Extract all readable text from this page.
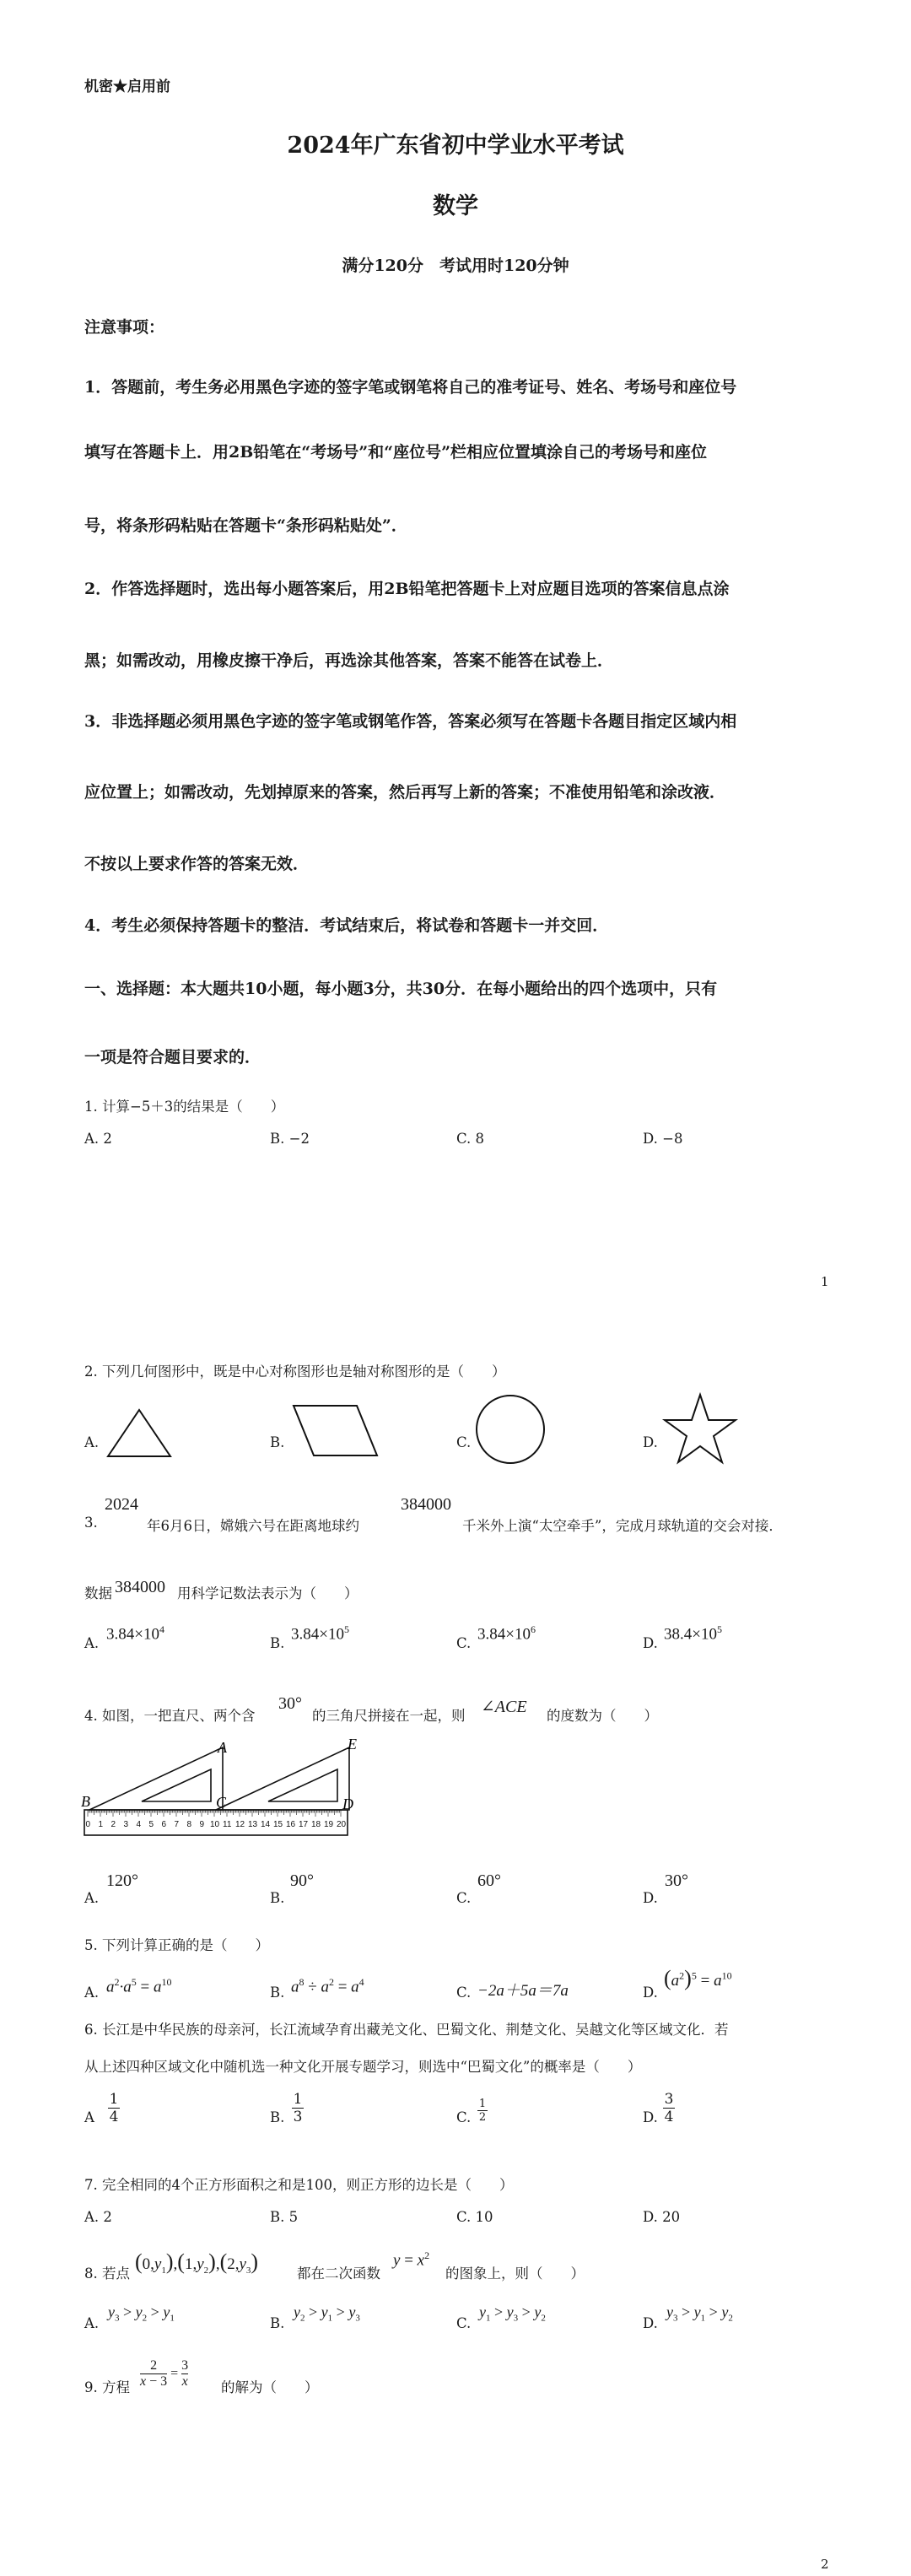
机密★启用前
2024年广东省初中学业水平考试
数学
满分120分　考试用时120分钟
注意事项：
1．答题前，考生务必用黑色字迹的签字笔或钢笔将自己的准考证号、姓名、考场号和座位号
填写在答题卡上．用2B铅笔在“考场号”和“座位号”栏相应位置填涂自己的考场号和座位
号，将条形码粘贴在答题卡“条形码粘贴处”．
2．作答选择题时，选出每小题答案后，用2B铅笔把答题卡上对应题目选项的答案信息点涂
黑；如需改动，用橡皮擦干净后，再选涂其他答案，答案不能答在试卷上．
3．非选择题必须用黑色字迹的签字笔或钢笔作答，答案必须写在答题卡各题目指定区域内相
应位置上；如需改动，先划掉原来的答案，然后再写上新的答案；不准使用铅笔和涂改液．
不按以上要求作答的答案无效．
4．考生必须保持答题卡的整洁．考试结束后，将试卷和答题卡一并交回．
一、选择题：本大题共10小题，每小题3分，共30分．在每小题给出的四个选项中，只有
一项是符合题目要求的．
1. 计算−5＋3的结果是（　　）
A. 2	B. −2	C. 8	D. −8
1
2. 下列几何图形中，既是中心对称图形也是轴对称图形的是（　　）
A.	B.	C.	D.
3.
2024
年6月6日，嫦娥六号在距离地球约
384000
千米外上演“太空牵手”，完成月球轨道的交会对接．
数据 384000 用科学记数法表示为（　　）
A.
$3.84\times 10^4$
B.
$3.84\times 10^5$
C.
$3.84\times 10^6$
D.
$38.4\times 10^5$
4. 如图，一把直尺、两个含
30°
的三角尺拼接在一起，则 ∠ACE 的度数为（　　）
0 1 2 3 4 5 6 7 8 9 10 11 12 13 14 15 16 17 18 19 20
B
A
C
E
D
A.
120°
B.
90°
C.
60°
D.
30°
5. 下列计算正确的是（　　）
A. $a^2\cdot a^5 = a^{10}$
B. $a^8 \div a^2 = a^4$
C. −2a＋5a＝7a	D.
$(a^2)^5 = a^{10}$
6. 长江是中华民族的母亲河，长江流域孕育出藏羌文化、巴蜀文化、荆楚文化、吴越文化等区域文化．若
从上述四种区域文化中随机选一种文化开展专题学习，则选中“巴蜀文化”的概率是（　　）
A
1
4	B.
1
3	C.
1
2	D.
3
4
7. 完全相同的4个正方形面积之和是100，则正方形的边长是（　　）
A. 2	B. 5	C. 10	D. 20
8. 若点 $(0,y_1),(1,y_2),(2,y_3)$	都在二次函数
$y = x^2$
的图象上，则（　　）
A.
$y_3 > y_2 > y_1$	B.
$y_2 > y_1 > y_3$	C.
$y_1 > y_3 > y_2$	D.
$y_3 > y_1 > y_2$
9. 方程 $\frac{2}{x - 3} = \frac{3}{x}$ 的解为（　　）
2
